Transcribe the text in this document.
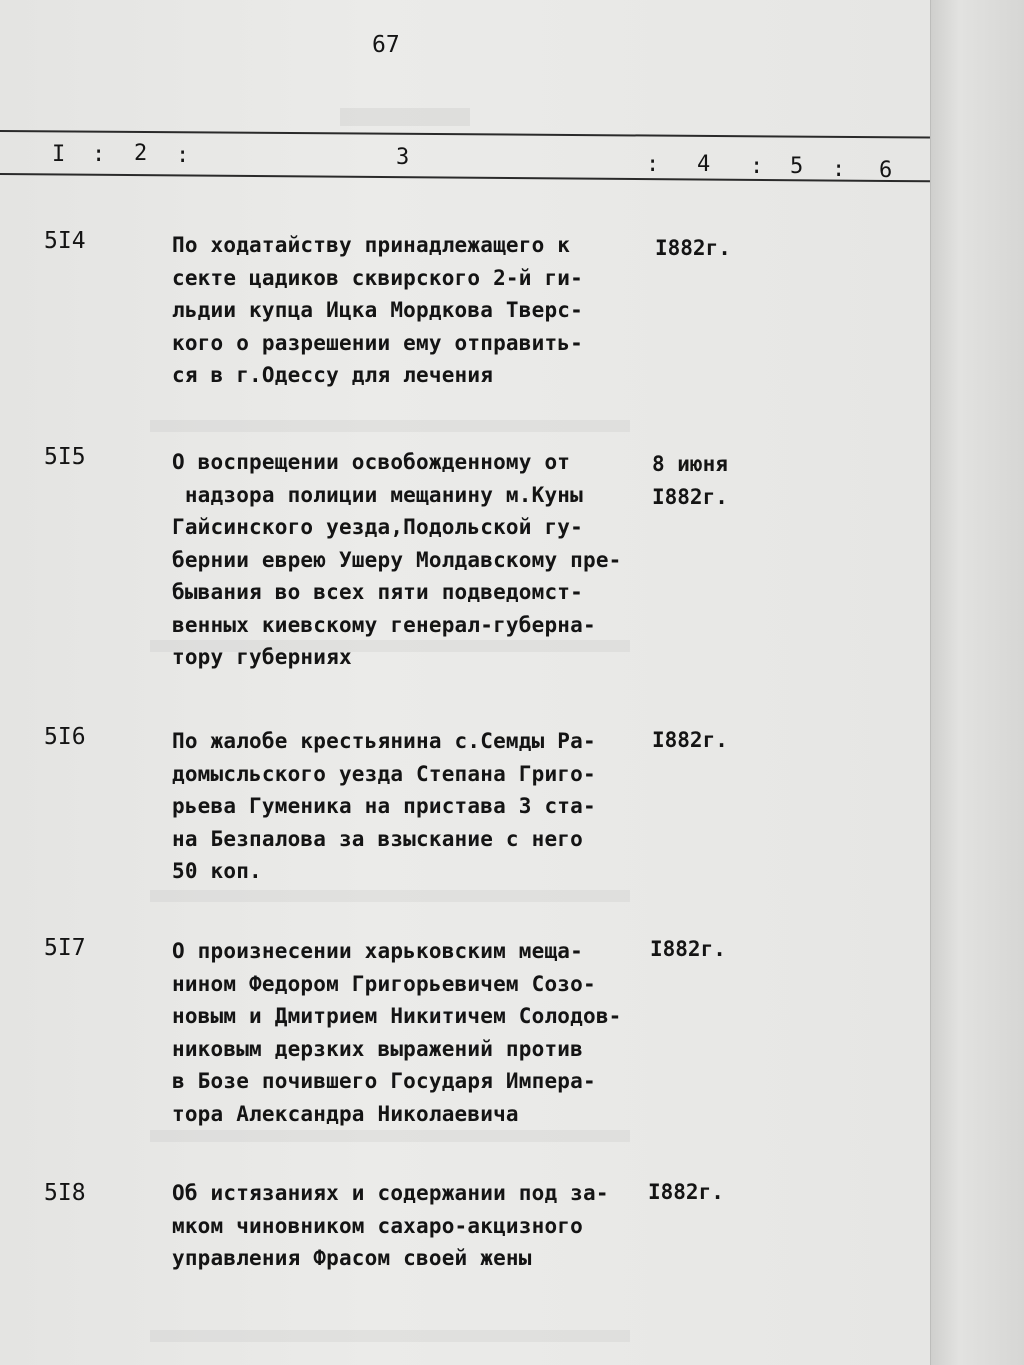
67
I : 2 :	3	: 4 : 5 : 6
5I4	По ходатайству принадлежащего к
секте цадиков сквирского 2-й ги-
льдии купца Ицка Мордкова Тверс-
кого о разрешении ему отправить-
ся в г.Одессу для лечения
I882г.
5I5	О воспрещении освобожденному от
надзора полиции мещанину м.Куны
Гайсинского уезда,Подольской гу-
бернии еврею Ушеру Молдавскому пре-
бывания во всех пяти подведомст-
венных киевскому генерал-губерна-
тору губерниях
8 июня
I882г.
5I6	По жалобе крестьянина с.Семды Ра-
домысльского уезда Степана Григо-
рьева Гуменика на пристава 3 ста-
на Безпалова за взыскание с него
50 коп.
I882г.
5I7	О произнесении харьковским меща-
нином Федором Григорьевичем Созо-
новым и Дмитрием Никитичем Солодов-
никовым дерзких выражений против
в Бозе почившего Государя Импера-
тора Александра Николаевича
I882г.
5I8	Об истязаниях и содержании под за-
мком чиновником сахаро-акцизного
управления Фрасом своей жены
I882г.
